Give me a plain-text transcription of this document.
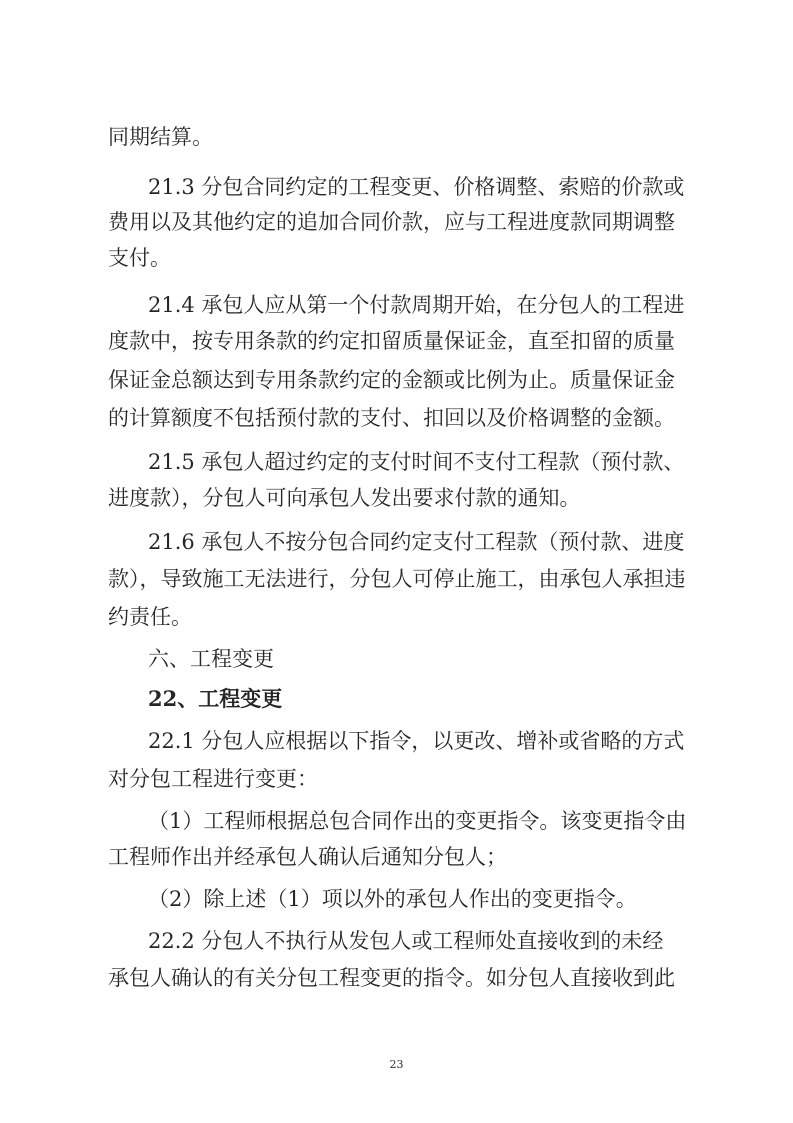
同期结算。
21.3 分包合同约定的工程变更、价格调整、索赔的价款或
费用以及其他约定的追加合同价款，应与工程进度款同期调整
支付。
21.4 承包人应从第一个付款周期开始，在分包人的工程进
度款中，按专用条款的约定扣留质量保证金，直至扣留的质量
保证金总额达到专用条款约定的金额或比例为止。质量保证金
的计算额度不包括预付款的支付、扣回以及价格调整的金额。
21.5 承包人超过约定的支付时间不支付工程款（预付款、
进度款），分包人可向承包人发出要求付款的通知。
21.6 承包人不按分包合同约定支付工程款（预付款、进度
款），导致施工无法进行，分包人可停止施工，由承包人承担违
约责任。
六、工程变更
22、工程变更
22.1 分包人应根据以下指令，以更改、增补或省略的方式
对分包工程进行变更：
（1）工程师根据总包合同作出的变更指令。该变更指令由
工程师作出并经承包人确认后通知分包人；
（2）除上述（1）项以外的承包人作出的变更指令。
22.2 分包人不执行从发包人或工程师处直接收到的未经
承包人确认的有关分包工程变更的指令。如分包人直接收到此
23
